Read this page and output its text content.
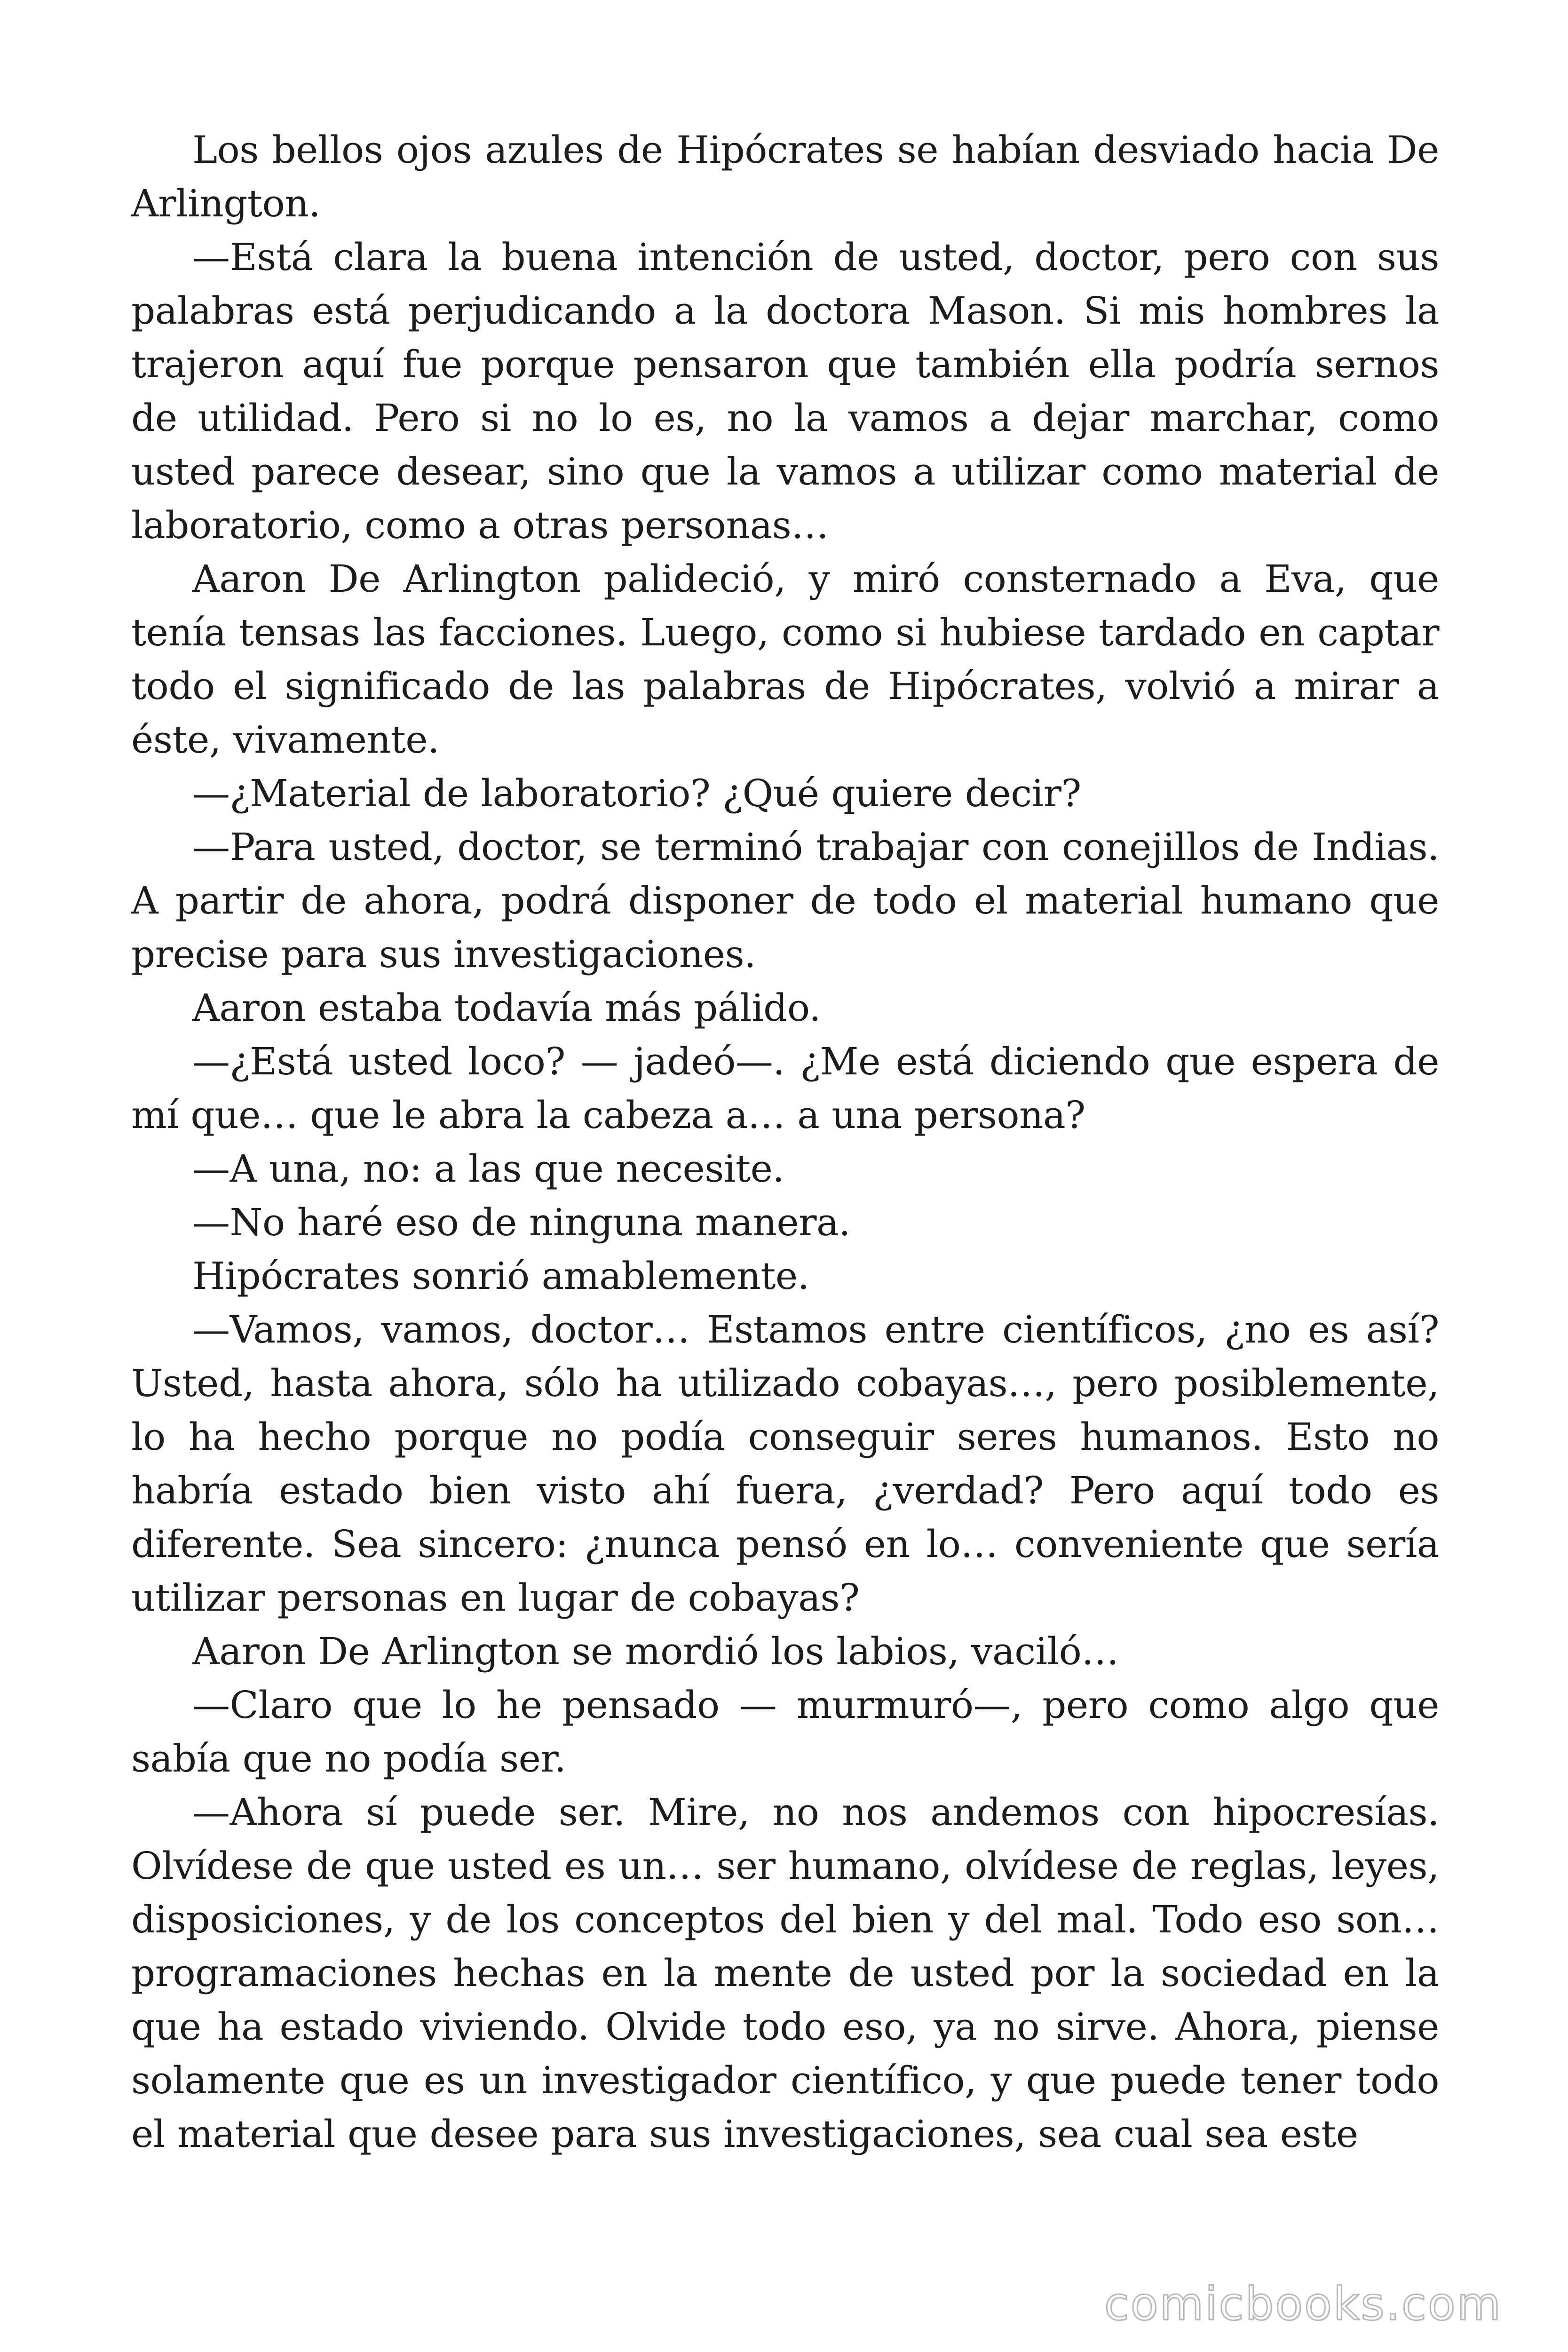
Los bellos ojos azules de Hipócrates se habían desviado hacia De Arlington.

—Está clara la buena intención de usted, doctor, pero con sus palabras está perjudicando a la doctora Mason. Si mis hombres la trajeron aquí fue porque pensaron que también ella podría sernos de utilidad. Pero si no lo es, no la vamos a dejar marchar, como usted parece desear, sino que la vamos a utilizar como material de laboratorio, como a otras personas…

Aaron De Arlington palideció, y miró consternado a Eva, que tenía tensas las facciones. Luego, como si hubiese tardado en captar todo el significado de las palabras de Hipócrates, volvió a mirar a éste, vivamente.

—¿Material de laboratorio? ¿Qué quiere decir?

—Para usted, doctor, se terminó trabajar con conejillos de Indias. A partir de ahora, podrá disponer de todo el material humano que precise para sus investigaciones.

Aaron estaba todavía más pálido.

—¿Está usted loco? — jadeó—. ¿Me está diciendo que espera de mí que… que le abra la cabeza a… a una persona?

—A una, no: a las que necesite.

—No haré eso de ninguna manera.

Hipócrates sonrió amablemente.

—Vamos, vamos, doctor… Estamos entre científicos, ¿no es así? Usted, hasta ahora, sólo ha utilizado cobayas…, pero posiblemente, lo ha hecho porque no podía conseguir seres humanos. Esto no habría estado bien visto ahí fuera, ¿verdad? Pero aquí todo es diferente. Sea sincero: ¿nunca pensó en lo… conveniente que sería utilizar personas en lugar de cobayas?

Aaron De Arlington se mordió los labios, vaciló…

—Claro que lo he pensado — murmuró—, pero como algo que sabía que no podía ser.

—Ahora sí puede ser. Mire, no nos andemos con hipocresías. Olvídese de que usted es un… ser humano, olvídese de reglas, leyes, disposiciones, y de los conceptos del bien y del mal. Todo eso son… programaciones hechas en la mente de usted por la sociedad en la que ha estado viviendo. Olvide todo eso, ya no sirve. Ahora, piense solamente que es un investigador científico, y que puede tener todo el material que desee para sus investigaciones, sea cual sea este

comicbooks.com
